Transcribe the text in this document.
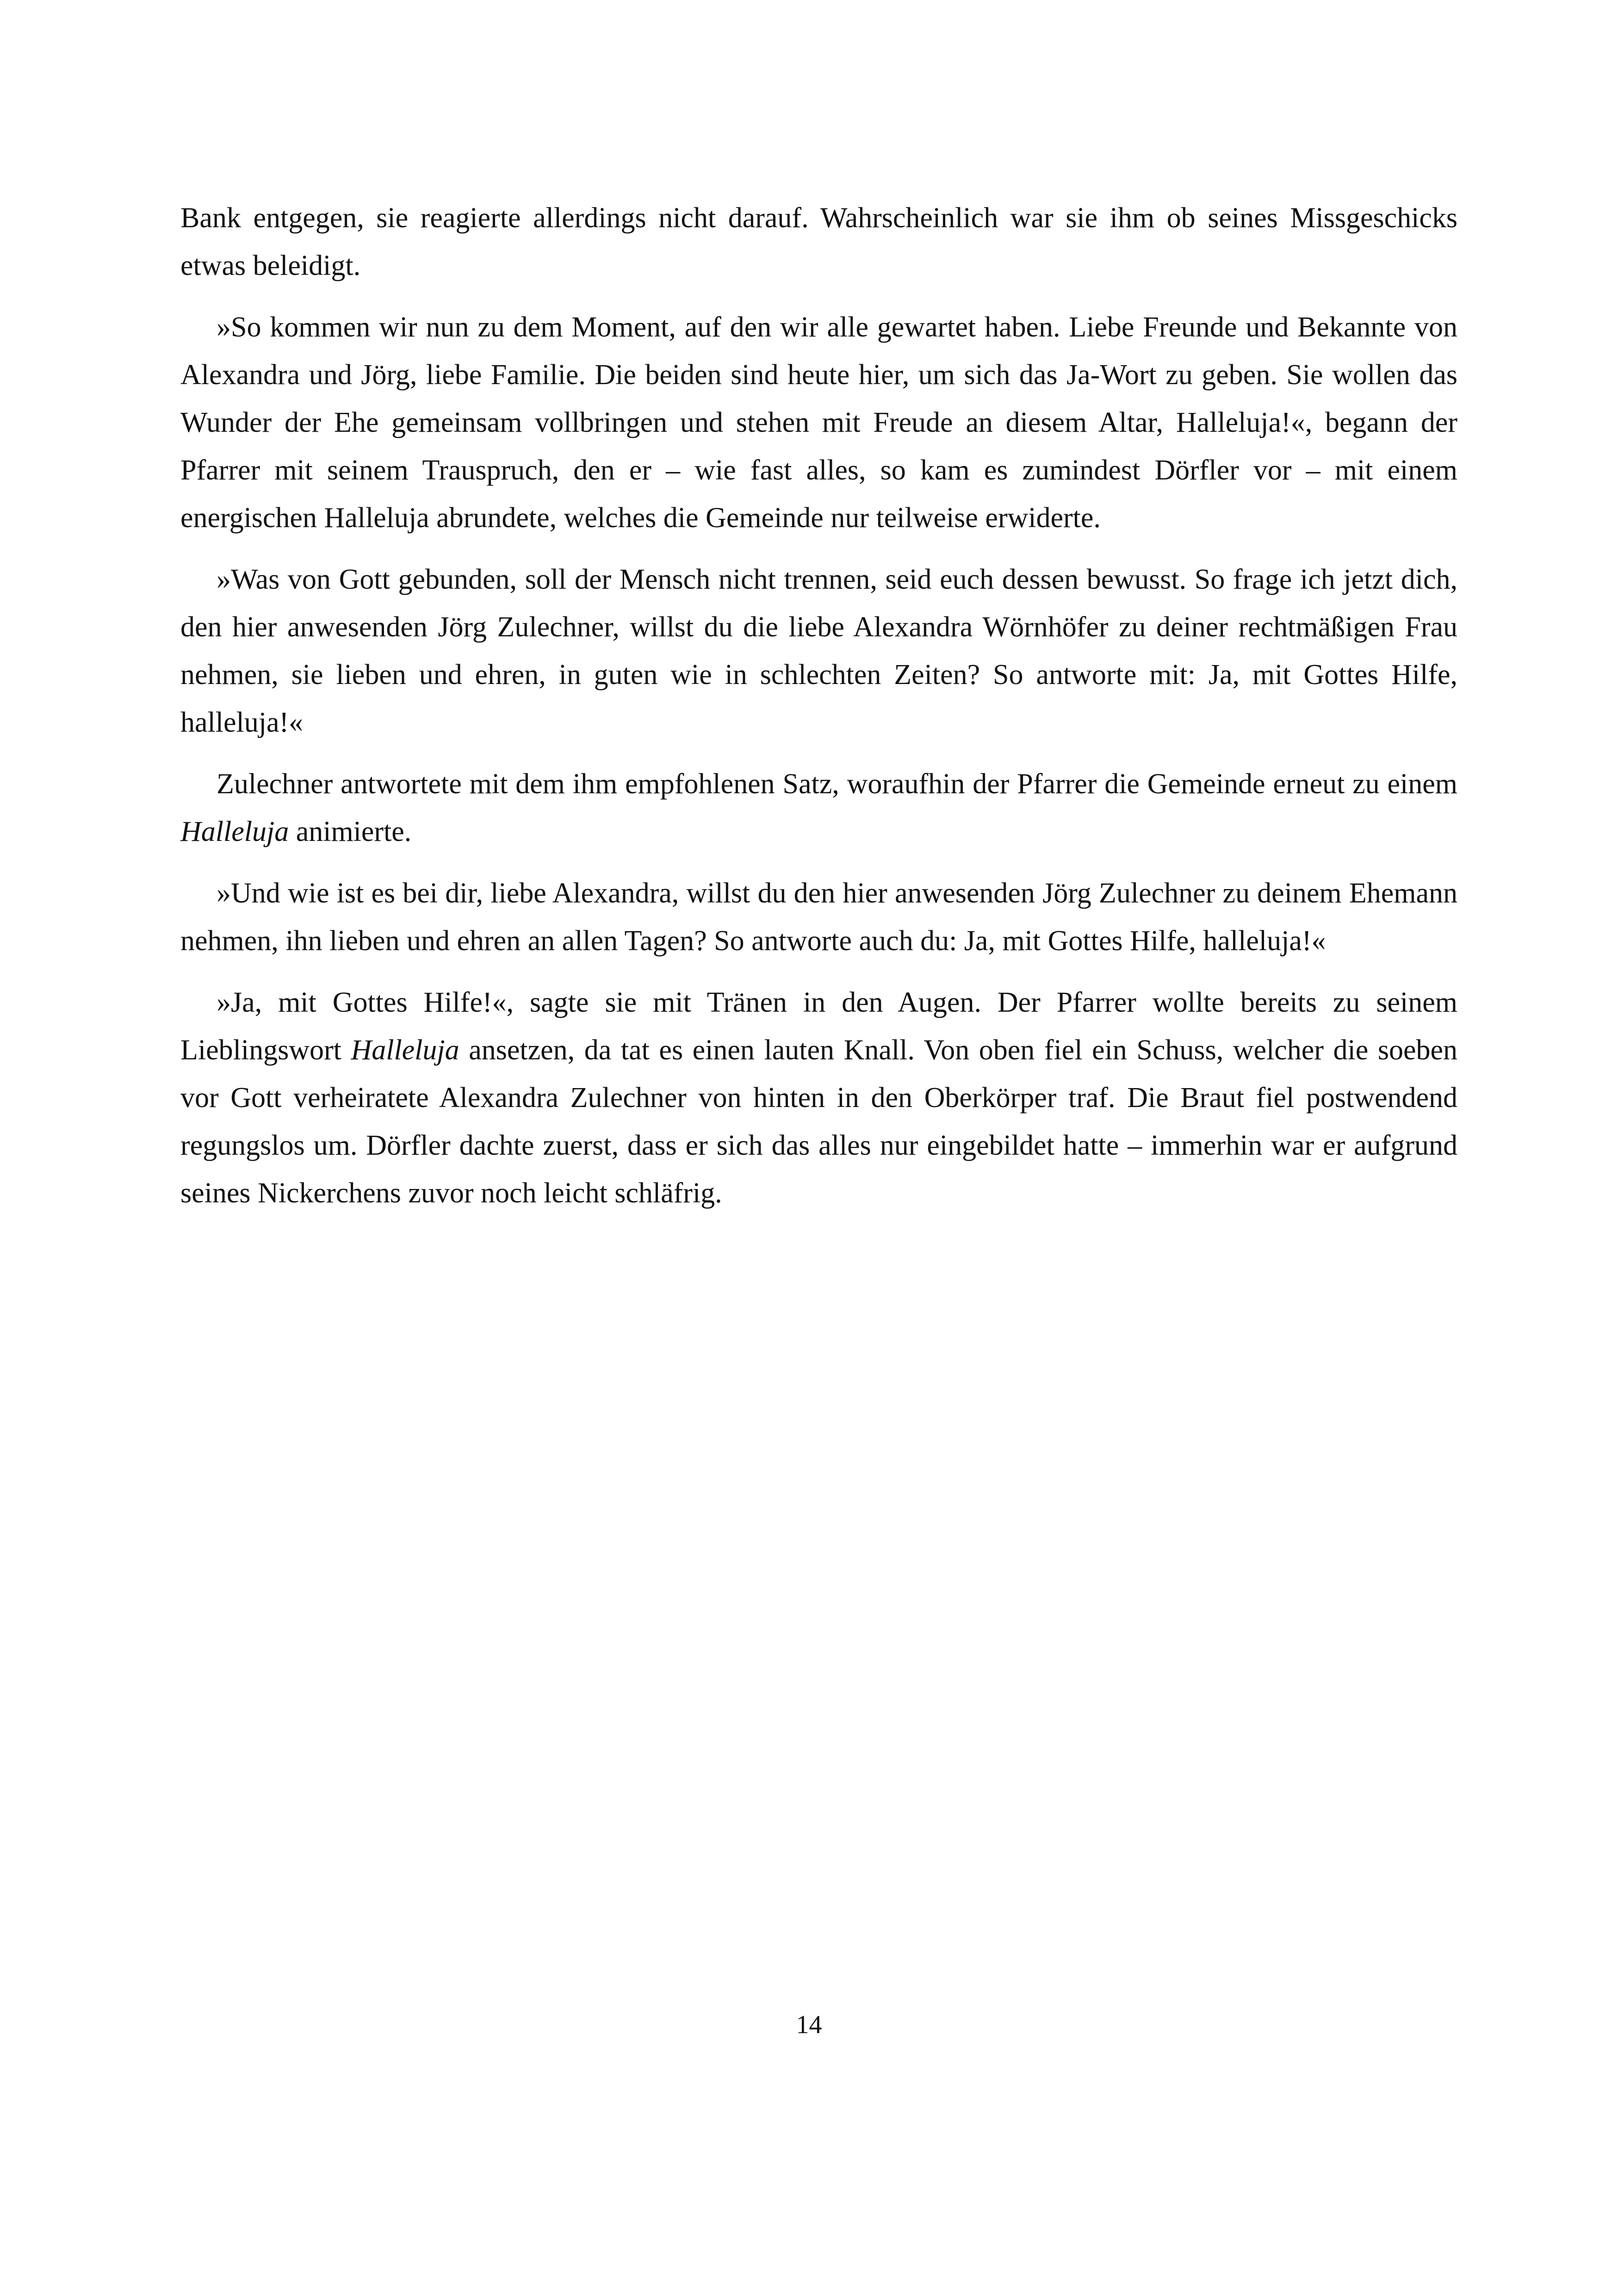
Bank entgegen, sie reagierte allerdings nicht darauf. Wahrscheinlich war sie ihm ob seines Missgeschicks etwas beleidigt.

»So kommen wir nun zu dem Moment, auf den wir alle gewartet haben. Liebe Freunde und Bekannte von Alexandra und Jörg, liebe Familie. Die beiden sind heute hier, um sich das Ja-Wort zu geben. Sie wollen das Wunder der Ehe gemeinsam vollbringen und stehen mit Freude an diesem Altar, Halleluja!«, begann der Pfarrer mit seinem Trauspruch, den er – wie fast alles, so kam es zumindest Dörfler vor – mit einem energischen Halleluja abrundete, welches die Gemeinde nur teilweise erwiderte.

»Was von Gott gebunden, soll der Mensch nicht trennen, seid euch dessen bewusst. So frage ich jetzt dich, den hier anwesenden Jörg Zulechner, willst du die liebe Alexandra Wörnhöfer zu deiner rechtmäßigen Frau nehmen, sie lieben und ehren, in guten wie in schlechten Zeiten? So antworte mit: Ja, mit Gottes Hilfe, halleluja!«

Zulechner antwortete mit dem ihm empfohlenen Satz, woraufhin der Pfarrer die Gemeinde erneut zu einem Halleluja animierte.

»Und wie ist es bei dir, liebe Alexandra, willst du den hier anwesenden Jörg Zulechner zu deinem Ehemann nehmen, ihn lieben und ehren an allen Tagen? So antworte auch du: Ja, mit Gottes Hilfe, halleluja!«

»Ja, mit Gottes Hilfe!«, sagte sie mit Tränen in den Augen. Der Pfarrer wollte bereits zu seinem Lieblingswort Halleluja ansetzen, da tat es einen lauten Knall. Von oben fiel ein Schuss, welcher die soeben vor Gott verheiratete Alexandra Zulechner von hinten in den Oberkörper traf. Die Braut fiel postwendend regungslos um. Dörfler dachte zuerst, dass er sich das alles nur eingebildet hatte – immerhin war er aufgrund seines Nickerchens zuvor noch leicht schläfrig.

14
